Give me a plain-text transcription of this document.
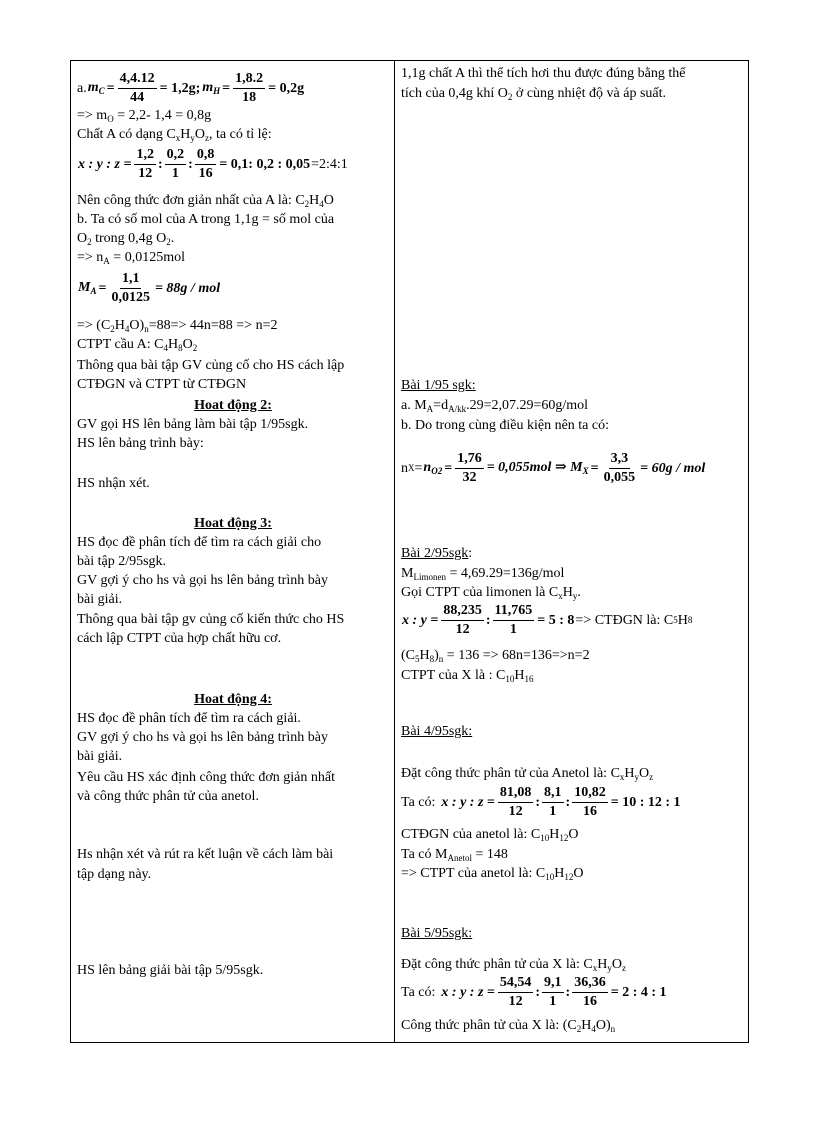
a. $m_C = \frac{4,4.12}{44} = 1,2g$; $m_H = \frac{1,8.2}{18} = 0,2g$
=> $m_O = 2,2-$ 1,4 = 0,8g
Chất A có dạng $C_xH_yO_z$, ta có tỉ lệ:
x : y : $z = \frac{1,2}{12}$ : $\frac{0,2}{1}$ : $\frac{0,8}{16} = 0,1$: 0,2 : 0,05 =2:4:1
Nên công thức đơn giản nhất của A là: $C_2H_4O$
b. Ta có số mol của A trong 1,1g = số mol của
$O_2$ trong 0,4g $O_2$.
=> $n_A = 0,0125mol$
$M_A = \frac{1,1}{0,0125} = 88g$ / mol
=> $(C_2H_4O)_n=88=> 44n=88 => n=2$
CTPT cầu A: $C_4H_8O_2$
Thông qua bài tập GV củng cố cho HS cách lập
CTĐGN và CTPT từ CTĐGN
Hoat động 2:
GV gọi HS lên bảng làm bài tập 1/95sgk.
HS lên bảng trình bày:
HS nhận xét.
Hoat động 3:
HS đọc đề phân tích để tìm ra cách giải cho
bài tập 2/95sgk.
GV gợi ý cho hs và gọi hs lên bảng trình bày
bài giải.
Thông qua bài tập gv củng cố kiến thức cho HS
cách lập CTPT của hợp chất hữu cơ.
Hoat động 4:
HS đọc đề phân tích để tìm ra cách giải.
GV gợi ý cho hs và gọi hs lên bảng trình bày
bài giải.
Yêu cầu HS xác định công thức đơn giản nhất
và công thức phân tử của anetol.
Hs nhận xét và rút ra kết luận về cách làm bài
tập dạng này.
HS lên bảng giải bài tập 5/95sgk.
1,1g chất A thì thể tích hơi thu được đúng bằng thể
tích của 0,4g khí $O_2$ ở cùng nhiệt độ và áp suất.
Bài 1/95 sgk:
a. $M_A=d_{A/kk}.29=2,07.29=60g$/mol
b. Do trong cùng điều kiện nên ta có:
n $X = n_{O2} = \frac{1,76}{32} = 0,055mol$ ⇒ $M_X = \frac{3,3}{0,055} = 60g$ / mol
Bài 2/95sgk:
$M_{Limonen} = 4,69.29=136g/mol$
Gọi CTPT của limonen là $C_xH_y$.
x : $y = \frac{88,235}{12}$ : $\frac{11,765}{1} = 5$ : 8 => CTĐGN là: C 5 H 8
$(C_5H_8)_n = 136 => 68n=136=>n=2$
CTPT của X là : $C_{10}H_{16}$
Bài 4/95sgk:
Đặt công thức phân tử của Anetol là: $C_xH_yO_z$
Ta có: x : y : $z = \frac{81,08}{12}$ : $\frac{8,1}{1}$ : $\frac{10,82}{16} = 10$ : 12 : 1
CTĐGN của anetol là: $C_{10}H_{12}O$
Ta có $M_{Anetol} = 148$
=> CTPT của anetol là: $C_{10}H_{12}O$
Bài 5/95sgk:
Đặt công thức phân tử của X là: $C_xH_yO_z$
Ta có: x : y : $z = \frac{54,54}{12}$ : $\frac{9,1}{1}$ : $\frac{36,36}{16} = 2$ : 4 : 1
Công thức phân tử của X là: $(C_2H_4O)_n$
